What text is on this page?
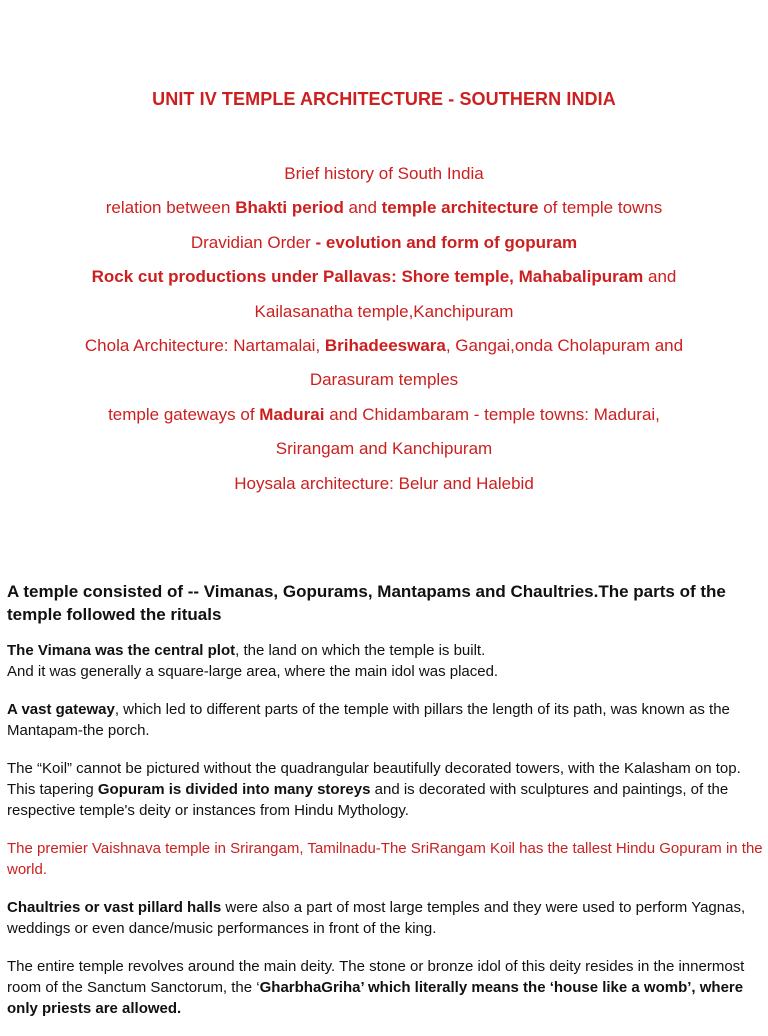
UNIT IV TEMPLE ARCHITECTURE - SOUTHERN INDIA
Brief history of South India
relation between Bhakti period and temple architecture of temple towns
Dravidian Order - evolution and form of gopuram
Rock cut productions under Pallavas: Shore temple, Mahabalipuram and
Kailasanatha temple,Kanchipuram
Chola Architecture: Nartamalai, Brihadeeswara, Gangai,onda Cholapuram and
Darasuram temples
temple gateways of Madurai and Chidambaram - temple towns: Madurai,
Srirangam and Kanchipuram
Hoysala architecture: Belur and Halebid
A temple consisted of -- Vimanas, Gopurams, Mantapams and Chaultries.The parts of the temple followed the rituals
The Vimana was the central plot, the land on which the temple is built.
And it was generally a square-large area, where the main idol was placed.
A vast gateway, which led to different parts of the temple with pillars the length of its path, was known as the Mantapam-the porch.
The “Koil” cannot be pictured without the quadrangular beautifully decorated towers, with the Kalasham on top. This tapering Gopuram is divided into many storeys and is decorated with sculptures and paintings, of the respective temple's deity or instances from Hindu Mythology.
The premier Vaishnava temple in Srirangam, Tamilnadu-The SriRangam Koil has the tallest Hindu Gopuram in the world.
Chaultries or vast pillard halls were also a part of most large temples and they were used to perform Yagnas, weddings or even dance/music performances in front of the king.
The entire temple revolves around the main deity. The stone or bronze idol of this deity resides in the innermost room of the Sanctum Sanctorum, the ‘GharbhaGriha’ which literally means the ‘house like a womb’, where only priests are allowed.
